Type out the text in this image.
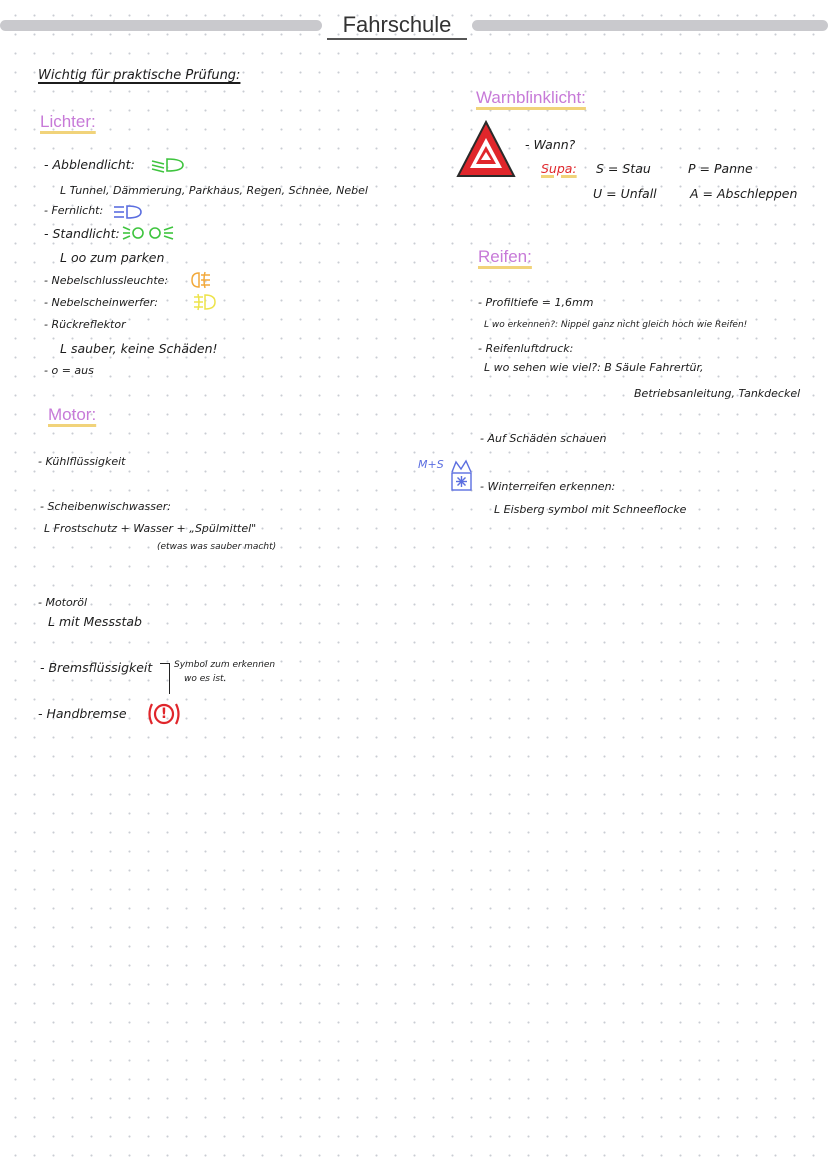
Fahrschule
Wichtig für praktische Prüfung:
Lichter:
- Abblendlicht:
L Tunnel, Dämmerung, Parkhaus, Regen, Schnee, Nebel
- Fernlicht:
- Standlicht:
L oo zum parken
- Nebelschlussleuchte:
- Nebelscheinwerfer:
- Rückreflektor
L sauber, keine Schäden!
- o = aus
Motor:
- Kühlflüssigkeit
- Scheibenwischwasser:
L Frostschutz + Wasser + „Spülmittel"
(etwas was sauber macht)
- Motoröl
L mit Messstab
- Bremsflüssigkeit Symbol zum erkennen
wo es ist.
- Handbremse	!
Warnblinklicht:
- Wann?
Supa: S = Stau	P = Panne
U = Unfall	A = Abschleppen
Reifen:
- Profiltiefe = 1,6mm
L wo erkennen?: Nippel ganz nicht gleich hoch wie Reifen!
- Reifenluftdruck:
L wo sehen wie viel?: B Säule Fahrertür,
Betriebsanleitung, Tankdeckel
- Auf Schäden schauen
M+S
- Winterreifen erkennen:
L Eisberg symbol mit Schneeflocke
